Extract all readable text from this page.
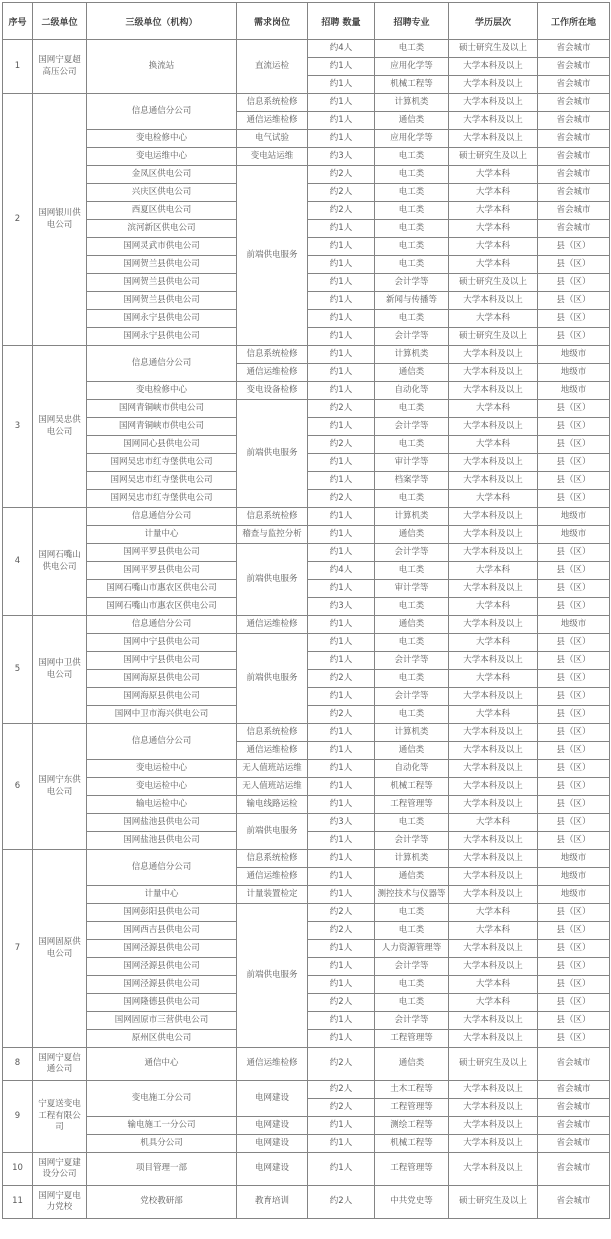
序号	二级单位	三级单位（机构）	需求岗位	招聘 数量	招聘专业	学历层次	工作所在地
1	国网宁夏超高压公司	换流站	直流运检	约4人	电工类	硕士研究生及以上	省会城市
				约1人	应用化学等	大学本科及以上	省会城市
				约1人	机械工程等	大学本科及以上	省会城市
2	国网银川供电公司	信息通信分公司	信息系统检修	约1人	计算机类	大学本科及以上	省会城市
			通信运维检修	约1人	通信类	大学本科及以上	省会城市
		变电检修中心	电气试验	约1人	应用化学等	大学本科及以上	省会城市
		变电运维中心	变电站运维	约3人	电工类	硕士研究生及以上	省会城市
		金凤区供电公司	前端供电服务	约2人	电工类	大学本科	省会城市
		兴庆区供电公司		约2人	电工类	大学本科	省会城市
		西夏区供电公司		约2人	电工类	大学本科	省会城市
		滨河新区供电公司		约1人	电工类	大学本科	省会城市
		国网灵武市供电公司		约1人	电工类	大学本科	县（区）
		国网贺兰县供电公司		约1人	电工类	大学本科	县（区）
		国网贺兰县供电公司		约1人	会计学等	硕士研究生及以上	县（区）
		国网贺兰县供电公司		约1人	新闻与传播等	大学本科及以上	县（区）
		国网永宁县供电公司		约1人	电工类	大学本科	县（区）
		国网永宁县供电公司		约1人	会计学等	硕士研究生及以上	县（区）
3	国网吴忠供电公司	信息通信分公司	信息系统检修	约1人	计算机类	大学本科及以上	地级市
			通信运维检修	约1人	通信类	大学本科及以上	地级市
		变电检修中心	变电设备检修	约1人	自动化等	大学本科及以上	地级市
		国网青铜峡市供电公司	前端供电服务	约2人	电工类	大学本科	县（区）
		国网青铜峡市供电公司		约1人	会计学等	大学本科及以上	县（区）
		国网同心县供电公司		约2人	电工类	大学本科	县（区）
		国网吴忠市红寺堡供电公司		约1人	审计学等	大学本科及以上	县（区）
		国网吴忠市红寺堡供电公司		约1人	档案学等	大学本科及以上	县（区）
		国网吴忠市红寺堡供电公司		约2人	电工类	大学本科	县（区）
4	国网石嘴山供电公司	信息通信分公司	信息系统检修	约1人	计算机类	大学本科及以上	地级市
		计量中心	稽查与监控分析	约1人	通信类	大学本科及以上	地级市
		国网平罗县供电公司	前端供电服务	约1人	会计学等	大学本科及以上	县（区）
		国网平罗县供电公司		约4人	电工类	大学本科	县（区）
		国网石嘴山市惠农区供电公司		约1人	审计学等	大学本科及以上	县（区）
		国网石嘴山市惠农区供电公司		约3人	电工类	大学本科	县（区）
5	国网中卫供电公司	信息通信分公司	通信运维检修	约1人	通信类	大学本科及以上	地级市
		国网中宁县供电公司	前端供电服务	约1人	电工类	大学本科	县（区）
		国网中宁县供电公司		约1人	会计学等	大学本科及以上	县（区）
		国网海原县供电公司		约2人	电工类	大学本科	县（区）
		国网海原县供电公司		约1人	会计学等	大学本科及以上	县（区）
		国网中卫市海兴供电公司		约2人	电工类	大学本科	县（区）
6	国网宁东供电公司	信息通信分公司	信息系统检修	约1人	计算机类	大学本科及以上	县（区）
			通信运维检修	约1人	通信类	大学本科及以上	县（区）
		变电运检中心	无人值班站运维	约1人	自动化等	大学本科及以上	县（区）
		变电运检中心	无人值班站运维	约1人	机械工程等	大学本科及以上	县（区）
		输电运检中心	输电线路运检	约1人	工程管理等	大学本科及以上	县（区）
		国网盐池县供电公司	前端供电服务	约3人	电工类	大学本科	县（区）
		国网盐池县供电公司		约1人	会计学等	大学本科及以上	县（区）
7	国网固原供电公司	信息通信分公司	信息系统检修	约1人	计算机类	大学本科及以上	地级市
			通信运维检修	约1人	通信类	大学本科及以上	地级市
		计量中心	计量装置检定	约1人	测控技术与仪器等	大学本科及以上	地级市
		国网彭阳县供电公司	前端供电服务	约2人	电工类	大学本科	县（区）
		国网西吉县供电公司		约2人	电工类	大学本科	县（区）
		国网泾源县供电公司		约1人	人力资源管理等	大学本科及以上	县（区）
		国网泾源县供电公司		约1人	会计学等	大学本科及以上	县（区）
		国网泾源县供电公司		约1人	电工类	大学本科	县（区）
		国网隆德县供电公司		约2人	电工类	大学本科	县（区）
		国网固原市三营供电公司		约1人	会计学等	大学本科及以上	县（区）
		原州区供电公司		约1人	工程管理等	大学本科及以上	县（区）
8	国网宁夏信通公司	通信中心	通信运维检修	约2人	通信类	硕士研究生及以上	省会城市
9	宁夏送变电工程有限公司	变电施工分公司	电网建设	约2人	土木工程等	大学本科及以上	省会城市
				约2人	工程管理等	大学本科及以上	省会城市
		输电施工一分公司	电网建设	约1人	测绘工程等	大学本科及以上	省会城市
		机具分公司	电网建设	约1人	机械工程等	大学本科及以上	省会城市
10	国网宁夏建设分公司	项目管理一部	电网建设	约1人	工程管理等	大学本科及以上	省会城市
11	国网宁夏电力党校	党校教研部	教育培训	约2人	中共党史等	硕士研究生及以上	省会城市
